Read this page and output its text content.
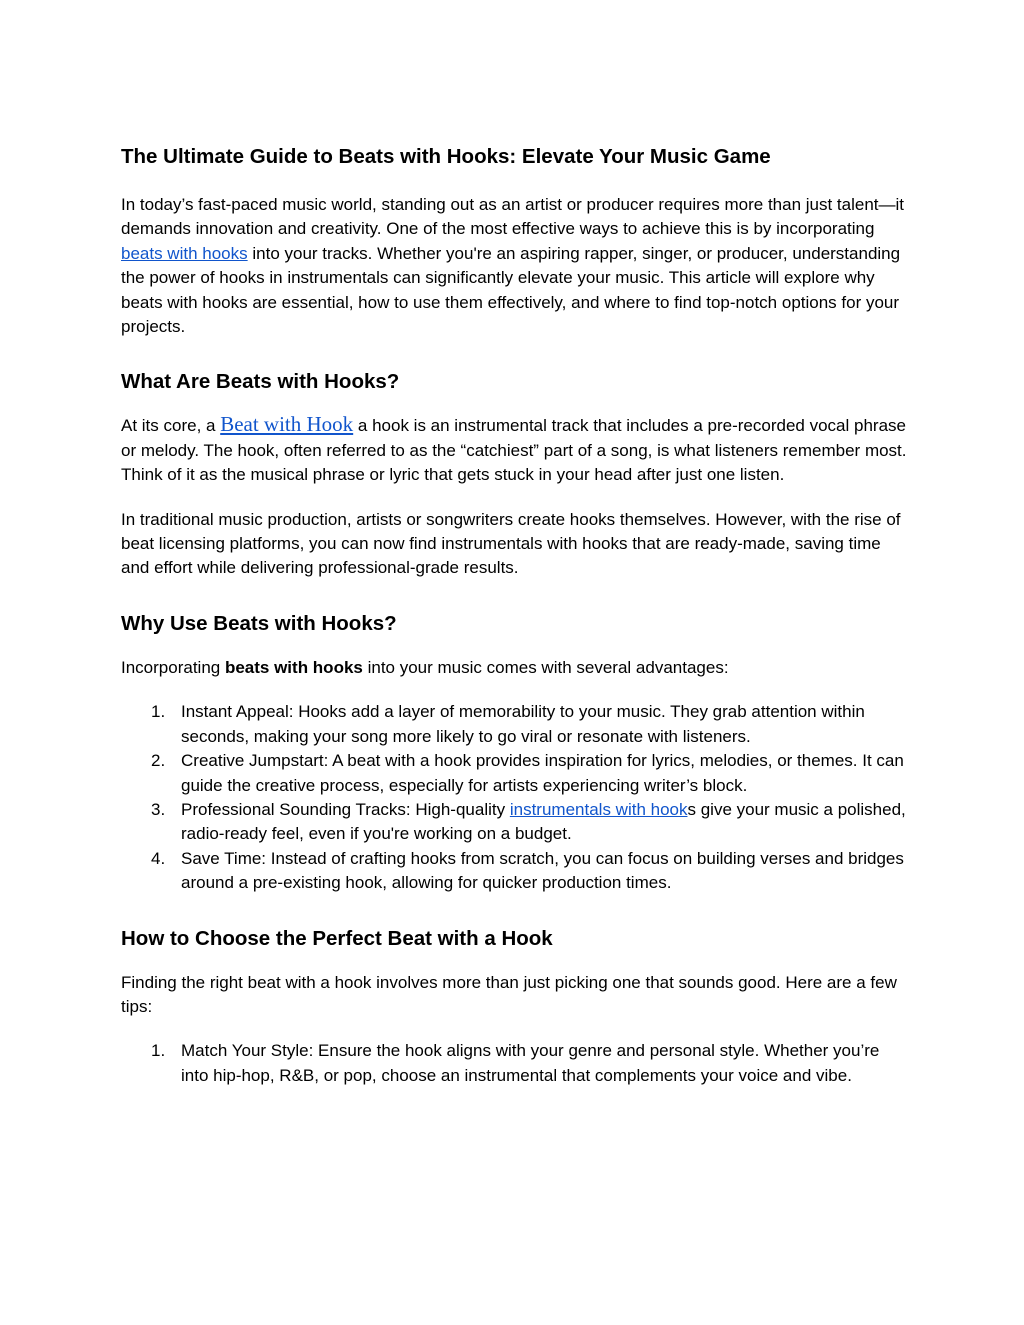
The Ultimate Guide to Beats with Hooks: Elevate Your Music Game

In today’s fast-paced music world, standing out as an artist or producer requires more than just talent—it demands innovation and creativity. One of the most effective ways to achieve this is by incorporating beats with hooks into your tracks. Whether you're an aspiring rapper, singer, or producer, understanding the power of hooks in instrumentals can significantly elevate your music. This article will explore why beats with hooks are essential, how to use them effectively, and where to find top-notch options for your projects.

What Are Beats with Hooks?

At its core, a Beat with Hook a hook is an instrumental track that includes a pre-recorded vocal phrase or melody. The hook, often referred to as the “catchiest” part of a song, is what listeners remember most. Think of it as the musical phrase or lyric that gets stuck in your head after just one listen.

In traditional music production, artists or songwriters create hooks themselves. However, with the rise of beat licensing platforms, you can now find instrumentals with hooks that are ready-made, saving time and effort while delivering professional-grade results.

Why Use Beats with Hooks?

Incorporating beats with hooks into your music comes with several advantages:

1. Instant Appeal: Hooks add a layer of memorability to your music. They grab attention within seconds, making your song more likely to go viral or resonate with listeners.
2. Creative Jumpstart: A beat with a hook provides inspiration for lyrics, melodies, or themes. It can guide the creative process, especially for artists experiencing writer’s block.
3. Professional Sounding Tracks: High-quality instrumentals with hooks give your music a polished, radio-ready feel, even if you're working on a budget.
4. Save Time: Instead of crafting hooks from scratch, you can focus on building verses and bridges around a pre-existing hook, allowing for quicker production times.
How to Choose the Perfect Beat with a Hook

Finding the right beat with a hook involves more than just picking one that sounds good. Here are a few tips:

1. Match Your Style: Ensure the hook aligns with your genre and personal style. Whether you’re into hip-hop, R&B, or pop, choose an instrumental that complements your voice and vibe.
